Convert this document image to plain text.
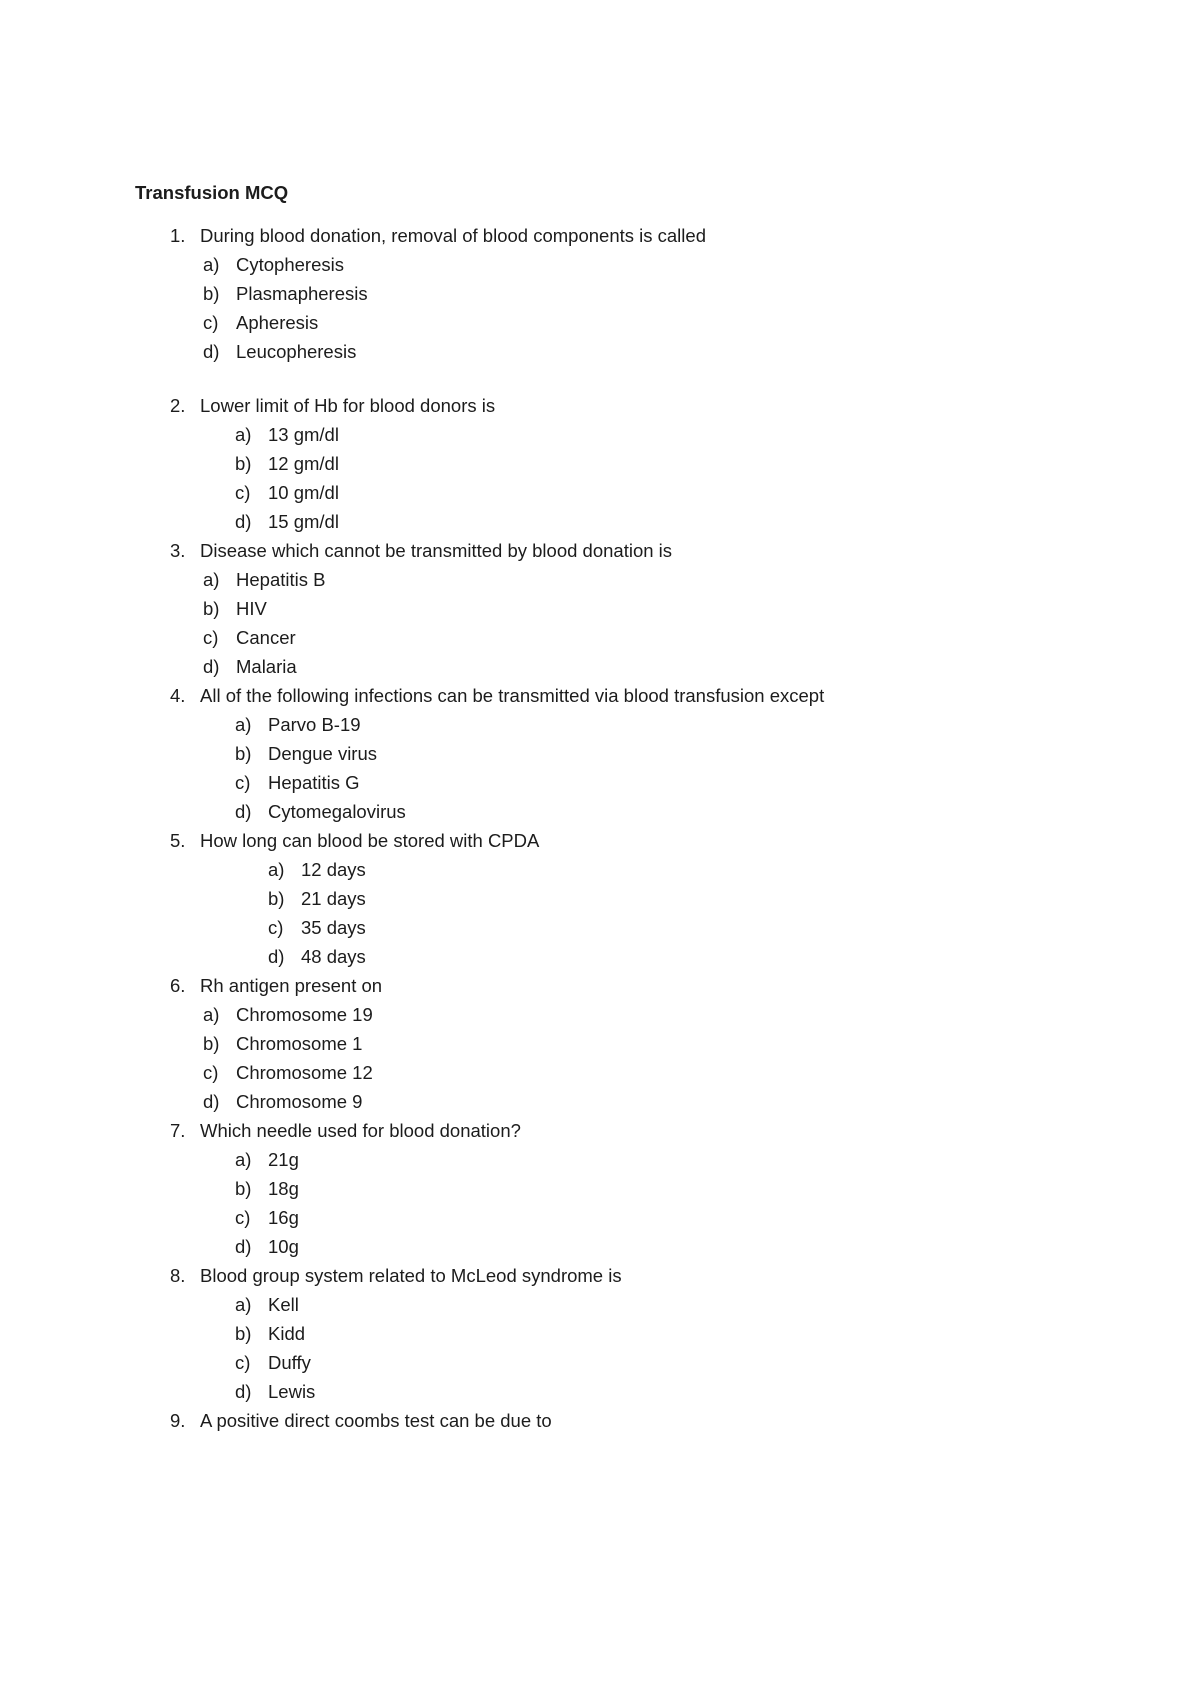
Transfusion MCQ
1. During blood donation, removal of blood components is called
a) Cytopheresis
b) Plasmapheresis
c) Apheresis
d) Leucopheresis
2. Lower limit of Hb for blood donors is
a) 13 gm/dl
b) 12 gm/dl
c) 10 gm/dl
d) 15 gm/dl
3. Disease which cannot be transmitted by blood donation is
a) Hepatitis B
b) HIV
c) Cancer
d) Malaria
4. All of the following infections can be transmitted via blood transfusion except
a) Parvo B-19
b) Dengue virus
c) Hepatitis G
d) Cytomegalovirus
5. How long can blood be stored with CPDA
a) 12 days
b) 21 days
c) 35 days
d) 48 days
6. Rh antigen present on
a) Chromosome 19
b) Chromosome 1
c) Chromosome 12
d) Chromosome 9
7. Which needle used for blood donation?
a) 21g
b) 18g
c) 16g
d) 10g
8. Blood group system related to McLeod syndrome is
a) Kell
b) Kidd
c) Duffy
d) Lewis
9. A positive direct coombs test can be due to
